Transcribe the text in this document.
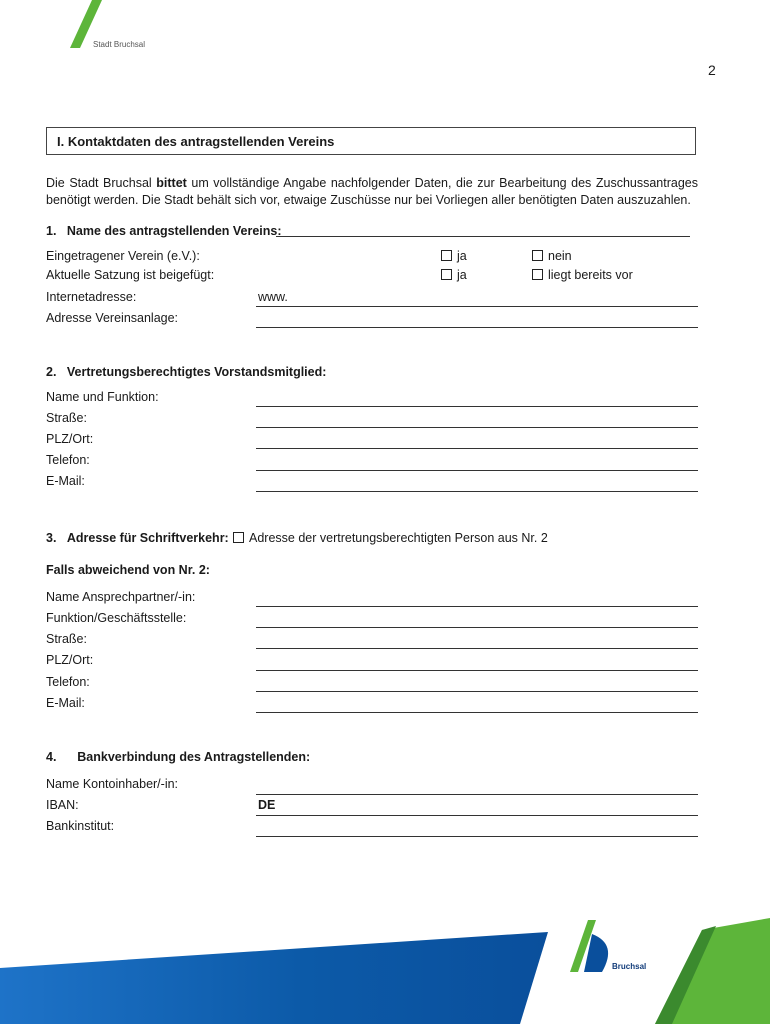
Stadt Bruchsal
2
I. Kontaktdaten des antragstellenden Vereins
Die Stadt Bruchsal bittet um vollständige Angabe nachfolgender Daten, die zur Bearbeitung des Zuschussantrages benötigt werden. Die Stadt behält sich vor, etwaige Zuschüsse nur bei Vorliegen aller benötigten Daten auszuzahlen.
1. Name des antragstellenden Vereins:
Eingetragener Verein (e.V.):	ja	nein
Aktuelle Satzung ist beigefügt:	ja	liegt bereits vor
Internetadresse:	www.
Adresse Vereinsanlage:
2. Vertretungsberechtigtes Vorstandsmitglied:
Name und Funktion:
Straße:
PLZ/Ort:
Telefon:
E-Mail:
3. Adresse für Schriftverkehr:	Adresse der vertretungsberechtigten Person aus Nr. 2
Falls abweichend von Nr. 2:
Name Ansprechpartner/-in:
Funktion/Geschäftsstelle:
Straße:
PLZ/Ort:
Telefon:
E-Mail:
4. Bankverbindung des Antragstellenden:
Name Kontoinhaber/-in:
IBAN:	DE
Bankinstitut:
Bruchsal
